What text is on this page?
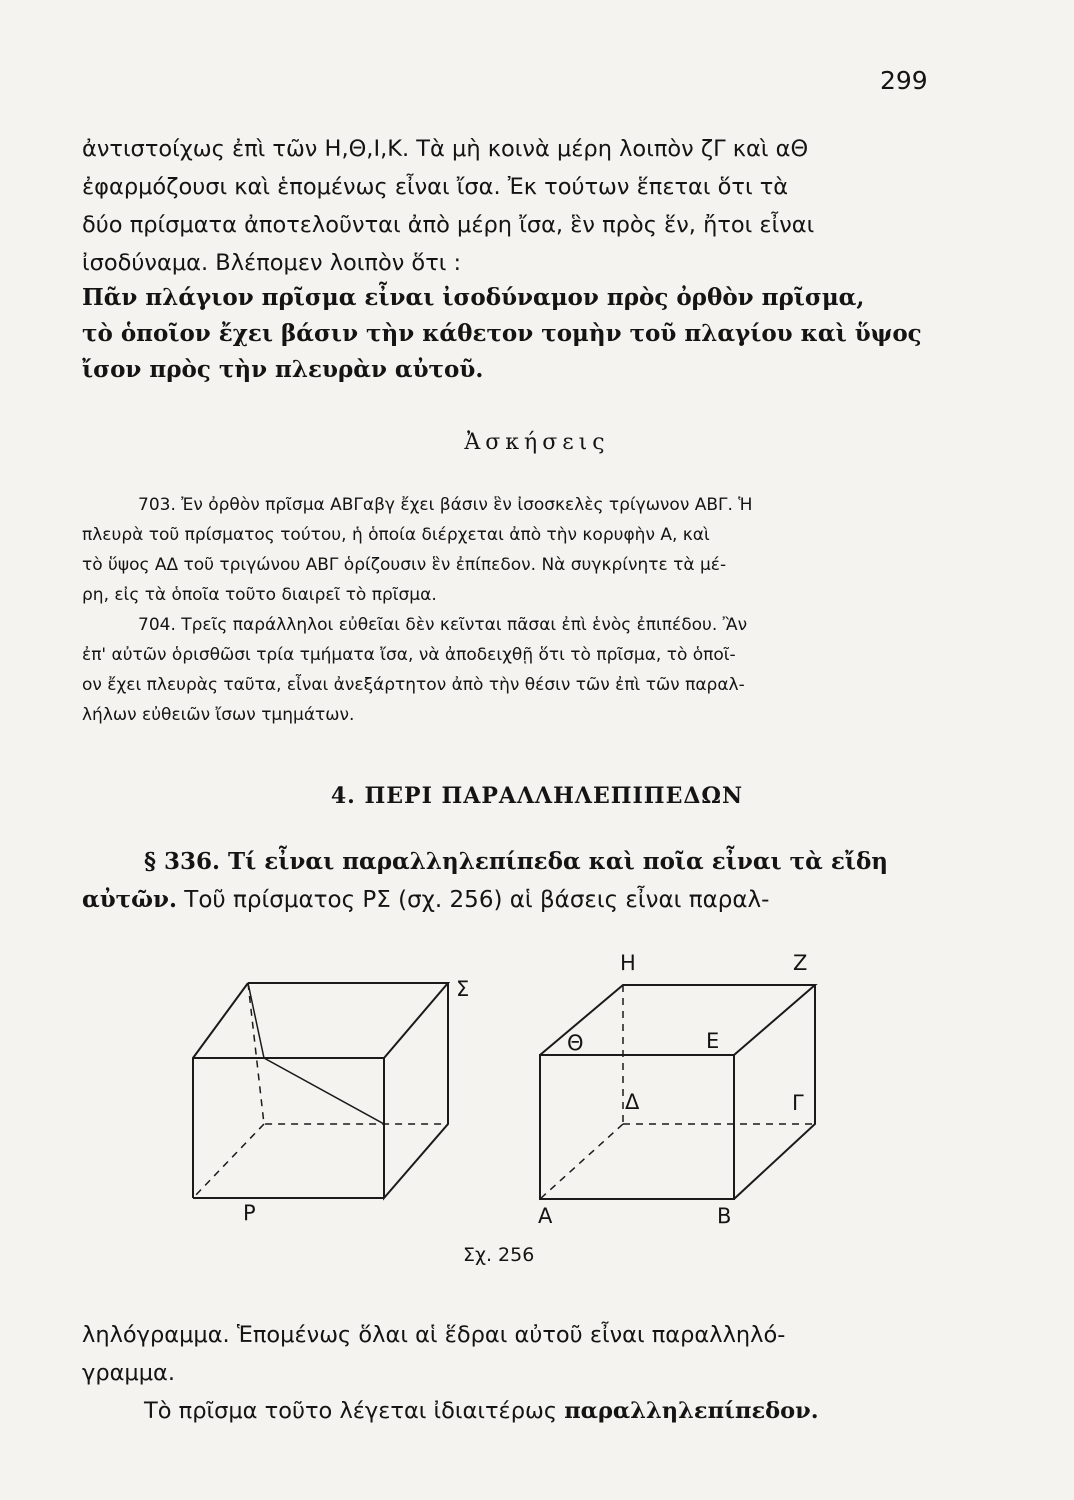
299
ἀντιστοίχως ἐπὶ τῶν Η,Θ,Ι,Κ. Τὰ μὴ κοινὰ μέρη λοιπὸν ζΓ καὶ αΘ
ἐφαρμόζουσι καὶ ἑπομένως εἶναι ἴσα. Ἐκ τούτων ἕπεται ὅτι τὰ
δύο πρίσματα ἀποτελοῦνται ἀπὸ μέρη ἴσα, ἓν πρὸς ἕν, ἤτοι εἶναι
ἰσοδύναμα. Βλέπομεν λοιπὸν ὅτι :
Πᾶν πλάγιον πρῖσμα εἶναι ἰσοδύναμον πρὸς ὀρθὸν πρῖσμα,
τὸ ὁποῖον ἔχει βάσιν τὴν κάθετον τομὴν τοῦ πλαγίου καὶ ὕψος
ἴσον πρὸς τὴν πλευρὰν αὐτοῦ.
Ἀσκήσεις
703. Ἐν ὀρθὸν πρῖσμα ΑΒΓαβγ ἔχει βάσιν ἓν ἰσοσκελὲς τρίγωνον ΑΒΓ. Ἡ
πλευρὰ τοῦ πρίσματος τούτου, ἡ ὁποία διέρχεται ἀπὸ τὴν κορυφὴν Α, καὶ
τὸ ὕψος ΑΔ τοῦ τριγώνου ΑΒΓ ὁρίζουσιν ἓν ἐπίπεδον. Νὰ συγκρίνητε τὰ μέ-
ρη, εἰς τὰ ὁποῖα τοῦτο διαιρεῖ τὸ πρῖσμα.
704. Τρεῖς παράλληλοι εὐθεῖαι δὲν κεῖνται πᾶσαι ἐπὶ ἑνὸς ἐπιπέδου. Ἂν
ἐπ' αὐτῶν ὁρισθῶσι τρία τμήματα ἴσα, νὰ ἀποδειχθῇ ὅτι τὸ πρῖσμα, τὸ ὁποῖ-
ον ἔχει πλευρὰς ταῦτα, εἶναι ἀνεξάρτητον ἀπὸ τὴν θέσιν τῶν ἐπὶ τῶν παραλ-
λήλων εὐθειῶν ἴσων τμημάτων.
4. ΠΕΡΙ ΠΑΡΑΛΛΗΛΕΠΙΠΕΔΩΝ
§ 336. Τί εἶναι παραλληλεπίπεδα καὶ ποῖα εἶναι τὰ εἴδη
αὐτῶν. Τοῦ πρίσματος ΡΣ (σχ. 256) αἱ βάσεις εἶναι παραλ-
Σ
Ρ
Η	Ζ
Θ	Ε
Δ	Γ
Α	Β
Σχ. 256
ληλόγραμμα. Ἑπομένως ὅλαι αἱ ἕδραι αὐτοῦ εἶναι παραλληλό-
γραμμα.
Τὸ πρῖσμα τοῦτο λέγεται ἰδιαιτέρως παραλληλεπίπεδον.
